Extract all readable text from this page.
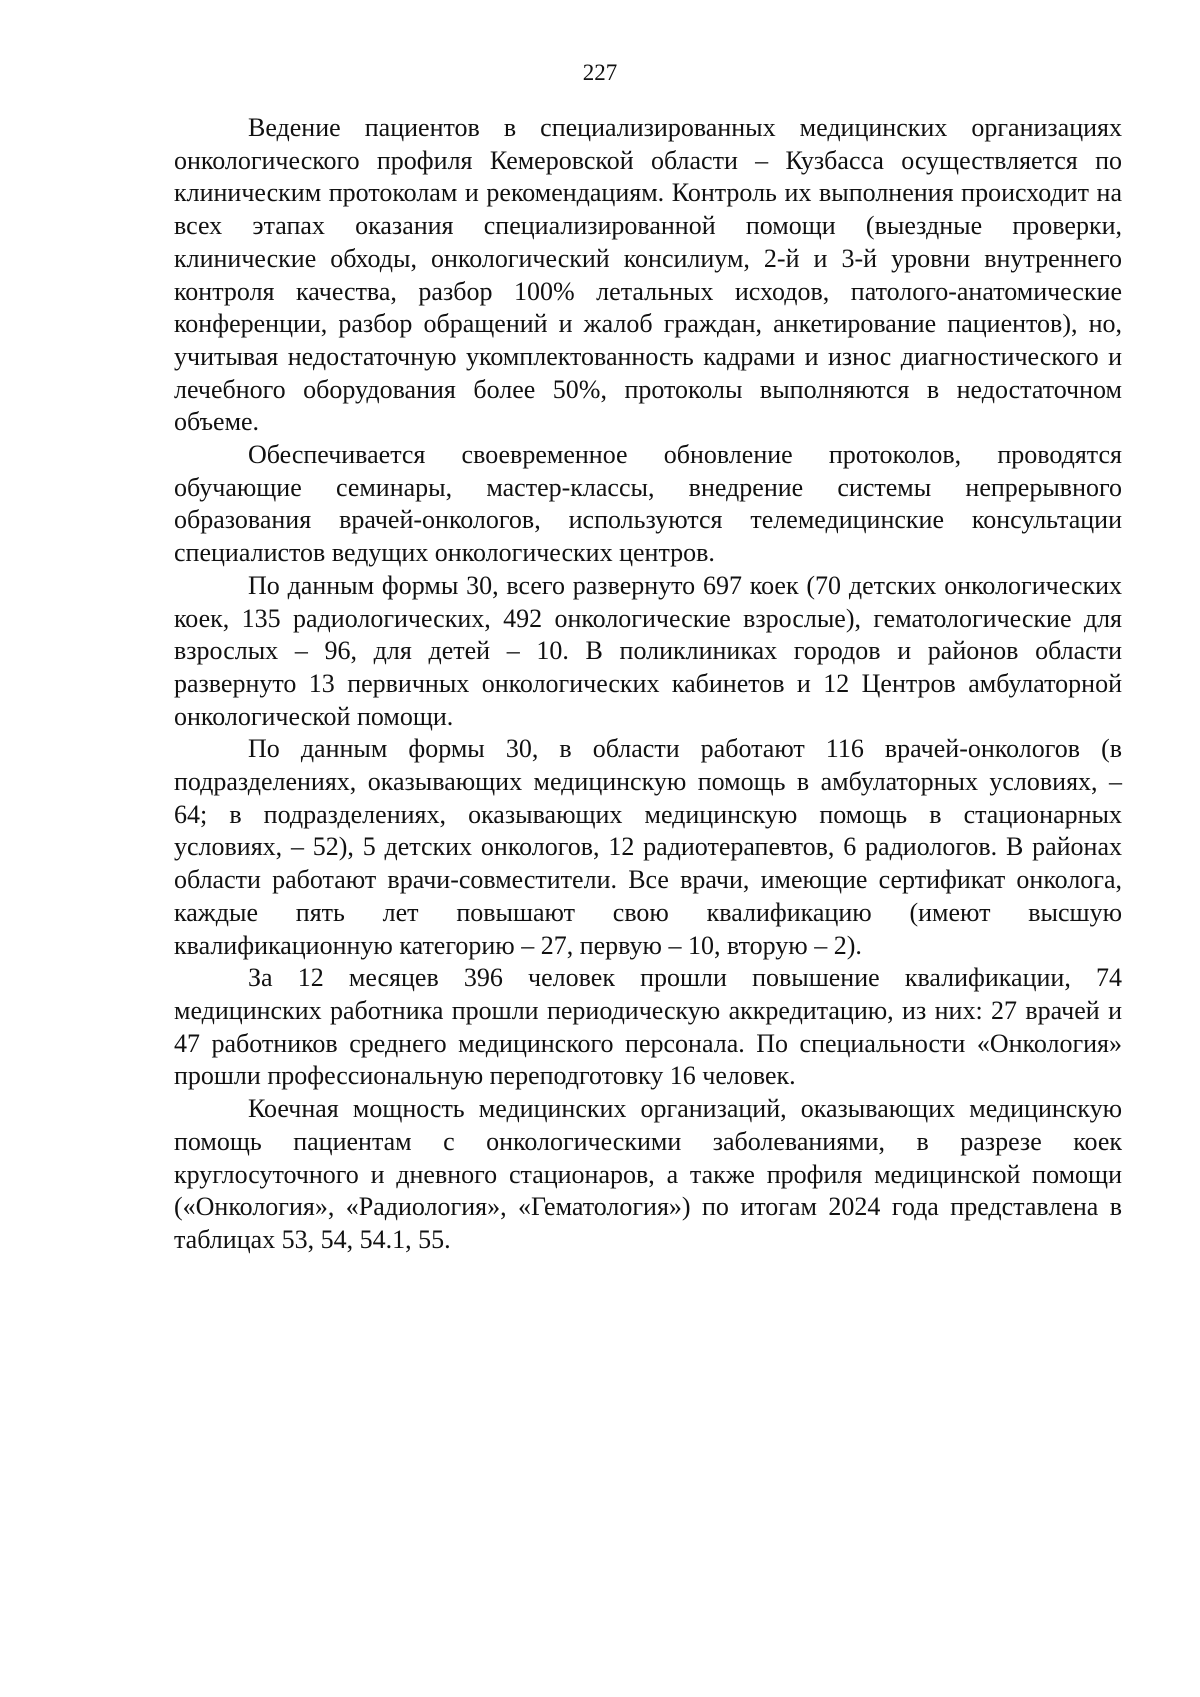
227

Ведение пациентов в специализированных медицинских организациях онкологического профиля Кемеровской области – Кузбасса осуществляется по клиническим протоколам и рекомендациям. Контроль их выполнения происходит на всех этапах оказания специализированной помощи (выездные проверки, клинические обходы, онкологический консилиум, 2-й и 3-й уровни внутреннего контроля качества, разбор 100% летальных исходов, патолого-анатомические конференции, разбор обращений и жалоб граждан, анкетирование пациентов), но, учитывая недостаточную укомплектованность кадрами и износ диагностического и лечебного оборудования более 50%, протоколы выполняются в недостаточном объеме.

Обеспечивается своевременное обновление протоколов, проводятся обучающие семинары, мастер-классы, внедрение системы непрерывного образования врачей-онкологов, используются телемедицинские консультации специалистов ведущих онкологических центров.

По данным формы 30, всего развернуто 697 коек (70 детских онкологических коек, 135 радиологических, 492 онкологические взрослые), гематологические для взрослых – 96, для детей – 10. В поликлиниках городов и районов области развернуто 13 первичных онкологических кабинетов и 12 Центров амбулаторной онкологической помощи.

По данным формы 30, в области работают 116 врачей-онкологов (в подразделениях, оказывающих медицинскую помощь в амбулаторных условиях, – 64; в подразделениях, оказывающих медицинскую помощь в стационарных условиях, – 52), 5 детских онкологов, 12 радиотерапевтов, 6 радиологов. В районах области работают врачи-совместители. Все врачи, имеющие сертификат онколога, каждые пять лет повышают свою квалификацию (имеют высшую квалификационную категорию – 27, первую – 10, вторую – 2).

За 12 месяцев 396 человек прошли повышение квалификации, 74 медицинских работника прошли периодическую аккредитацию, из них: 27 врачей и 47 работников среднего медицинского персонала. По специальности «Онкология» прошли профессиональную переподготовку 16 человек.

Коечная мощность медицинских организаций, оказывающих медицинскую помощь пациентам с онкологическими заболеваниями, в разрезе коек круглосуточного и дневного стационаров, а также профиля медицинской помощи («Онкология», «Радиология», «Гематология») по итогам 2024 года представлена в таблицах 53, 54, 54.1, 55.
